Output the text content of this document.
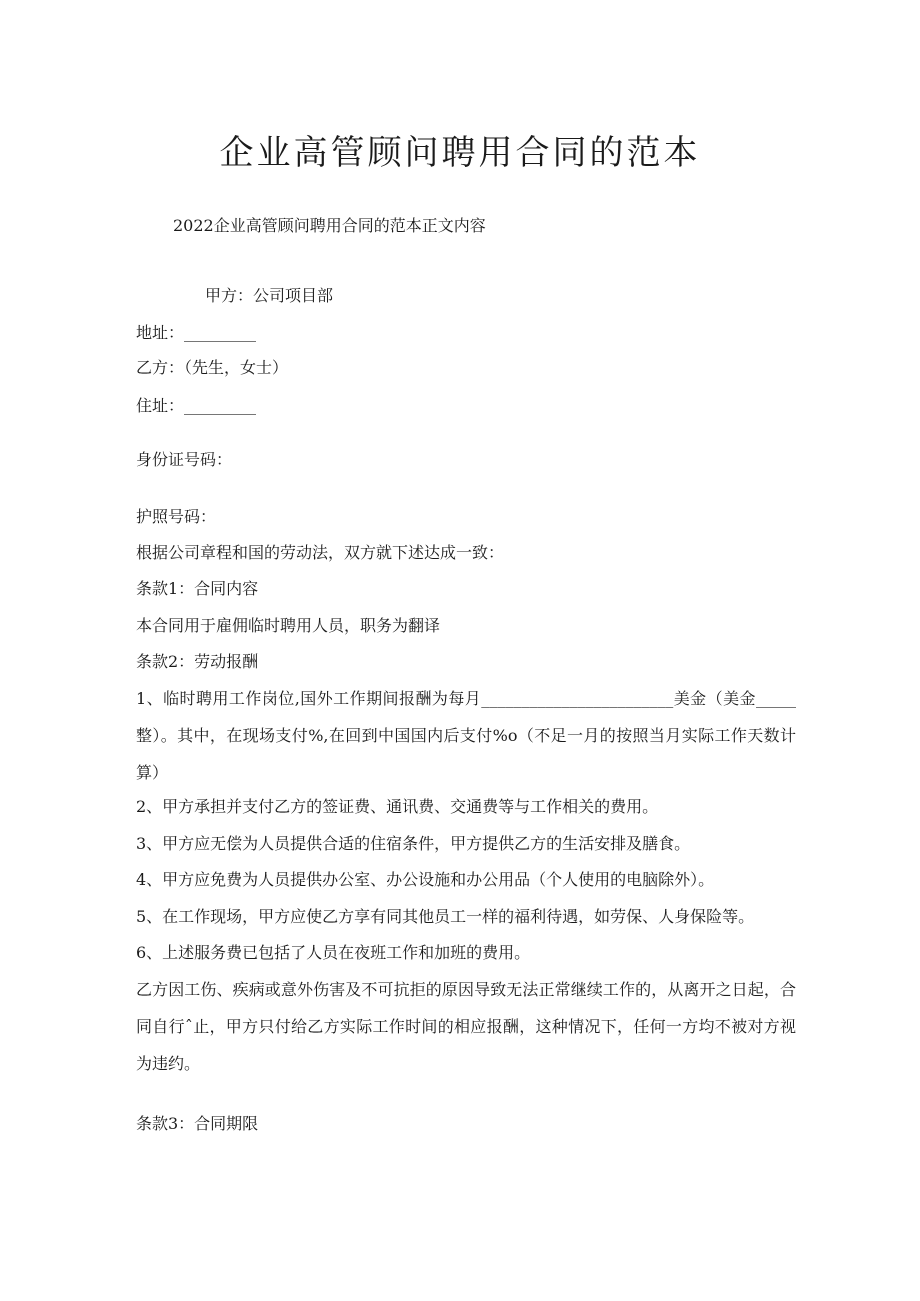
企业高管顾问聘用合同的范本

2022企业高管顾问聘用合同的范本正文内容

甲方：公司项目部

地址：_________

乙方：（先生，女士）

住址：_________

身份证号码：

护照号码：

根据公司章程和国的劳动法，双方就下述达成一致：

条款1：合同内容

本合同用于雇佣临时聘用人员，职务为翻译

条款2：劳动报酬

1、临时聘用工作岗位,国外工作期间报酬为每月________________________美金（美金_____整）。其中，在现场支付%,在回到中国国内后支付%o（不足一月的按照当月实际工作天数计算）

2、甲方承担并支付乙方的签证费、通讯费、交通费等与工作相关的费用。

3、甲方应无偿为人员提供合适的住宿条件，甲方提供乙方的生活安排及膳食。

4、甲方应免费为人员提供办公室、办公设施和办公用品（个人使用的电脑除外）。

5、在工作现场，甲方应使乙方享有同其他员工一样的福利待遇，如劳保、人身保险等。

6、上述服务费已包括了人员在夜班工作和加班的费用。

乙方因工伤、疾病或意外伤害及不可抗拒的原因导致无法正常继续工作的，从离开之日起，合同自行ˆ止，甲方只付给乙方实际工作时间的相应报酬，这种情况下，任何一方均不被对方视为违约。

条款3：合同期限
